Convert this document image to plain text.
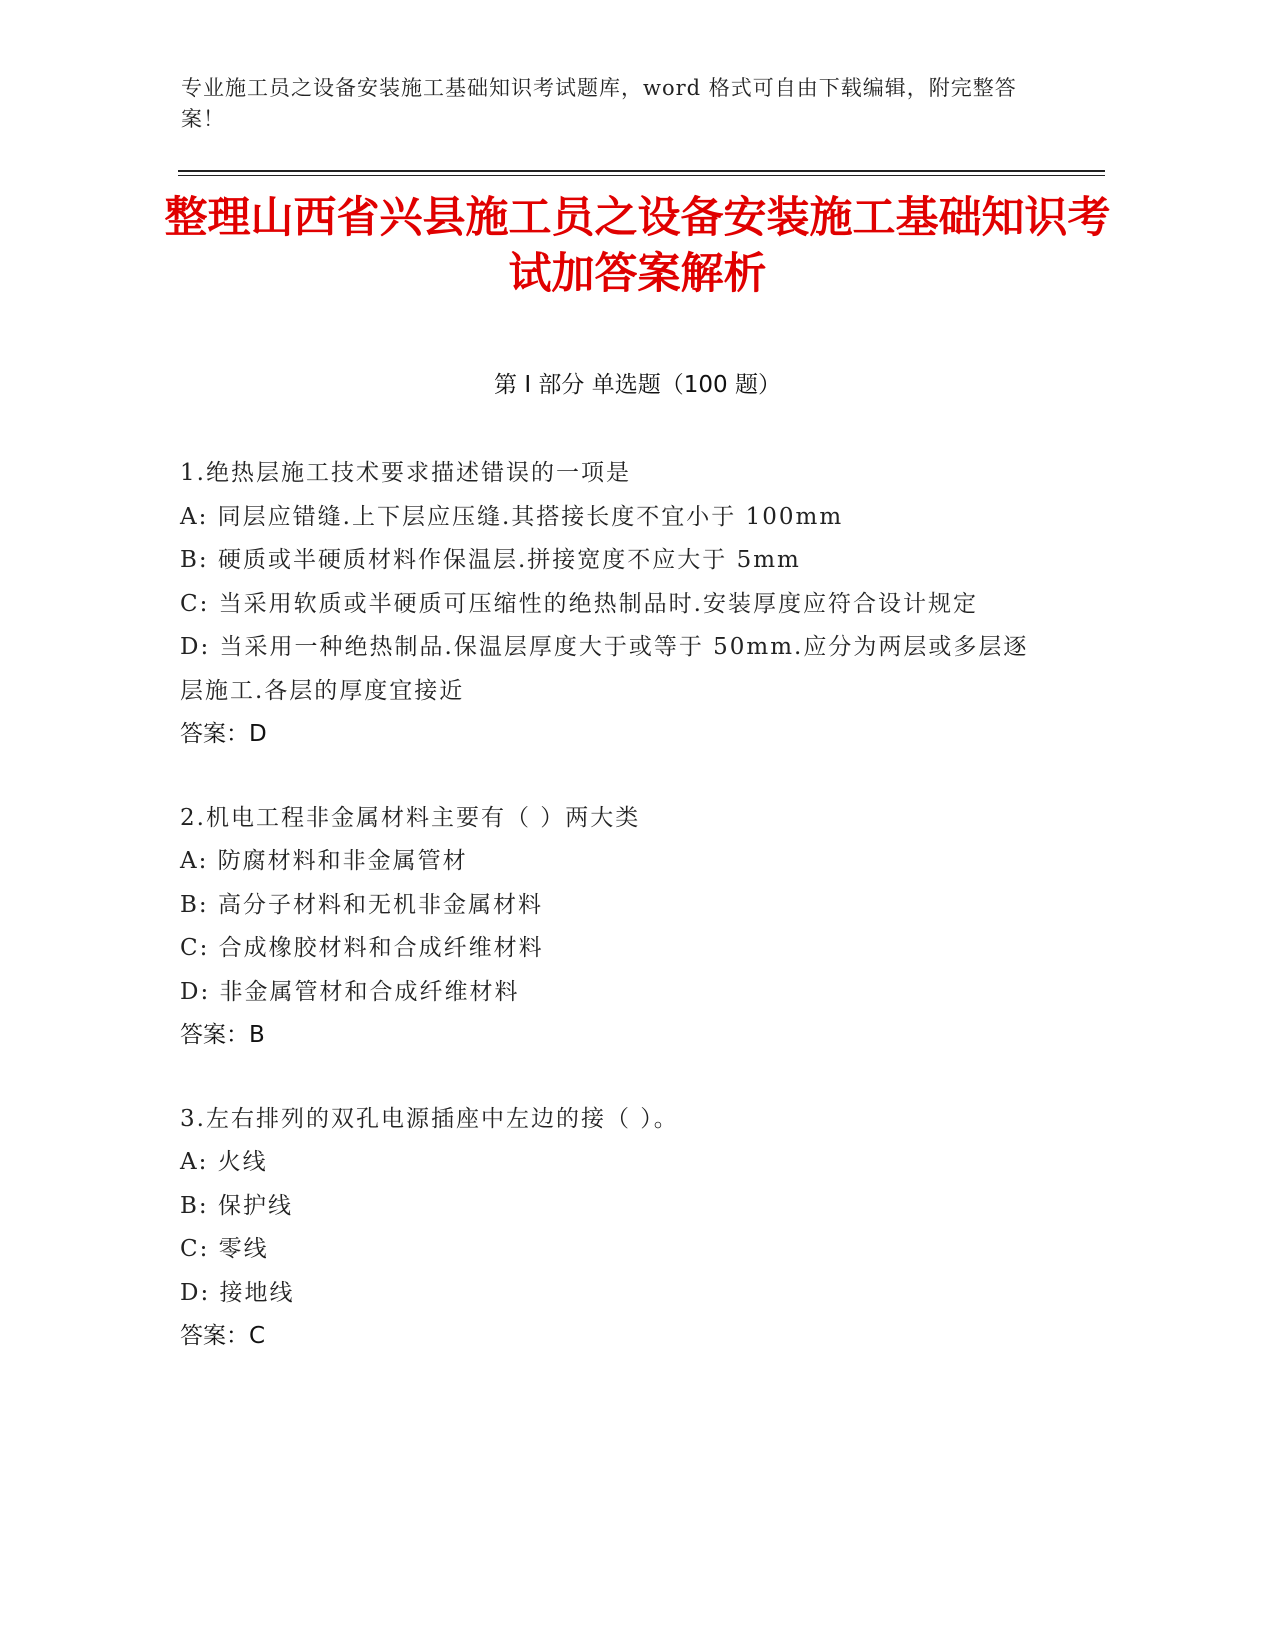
专业施工员之设备安装施工基础知识考试题库，word 格式可自由下载编辑，附完整答案！
整理山西省兴县施工员之设备安装施工基础知识考试加答案解析
第 I 部分 单选题（100 题）
1.绝热层施工技术要求描述错误的一项是
A: 同层应错缝.上下层应压缝.其搭接长度不宜小于 100mm
B: 硬质或半硬质材料作保温层.拼接宽度不应大于 5mm
C: 当采用软质或半硬质可压缩性的绝热制品时.安装厚度应符合设计规定
D: 当采用一种绝热制品.保温层厚度大于或等于 50mm.应分为两层或多层逐层施工.各层的厚度宜接近
答案：D
2.机电工程非金属材料主要有（ ）两大类
A: 防腐材料和非金属管材
B: 高分子材料和无机非金属材料
C: 合成橡胶材料和合成纤维材料
D: 非金属管材和合成纤维材料
答案：B
3.左右排列的双孔电源插座中左边的接（ ）。
A: 火线
B: 保护线
C: 零线
D: 接地线
答案：C
